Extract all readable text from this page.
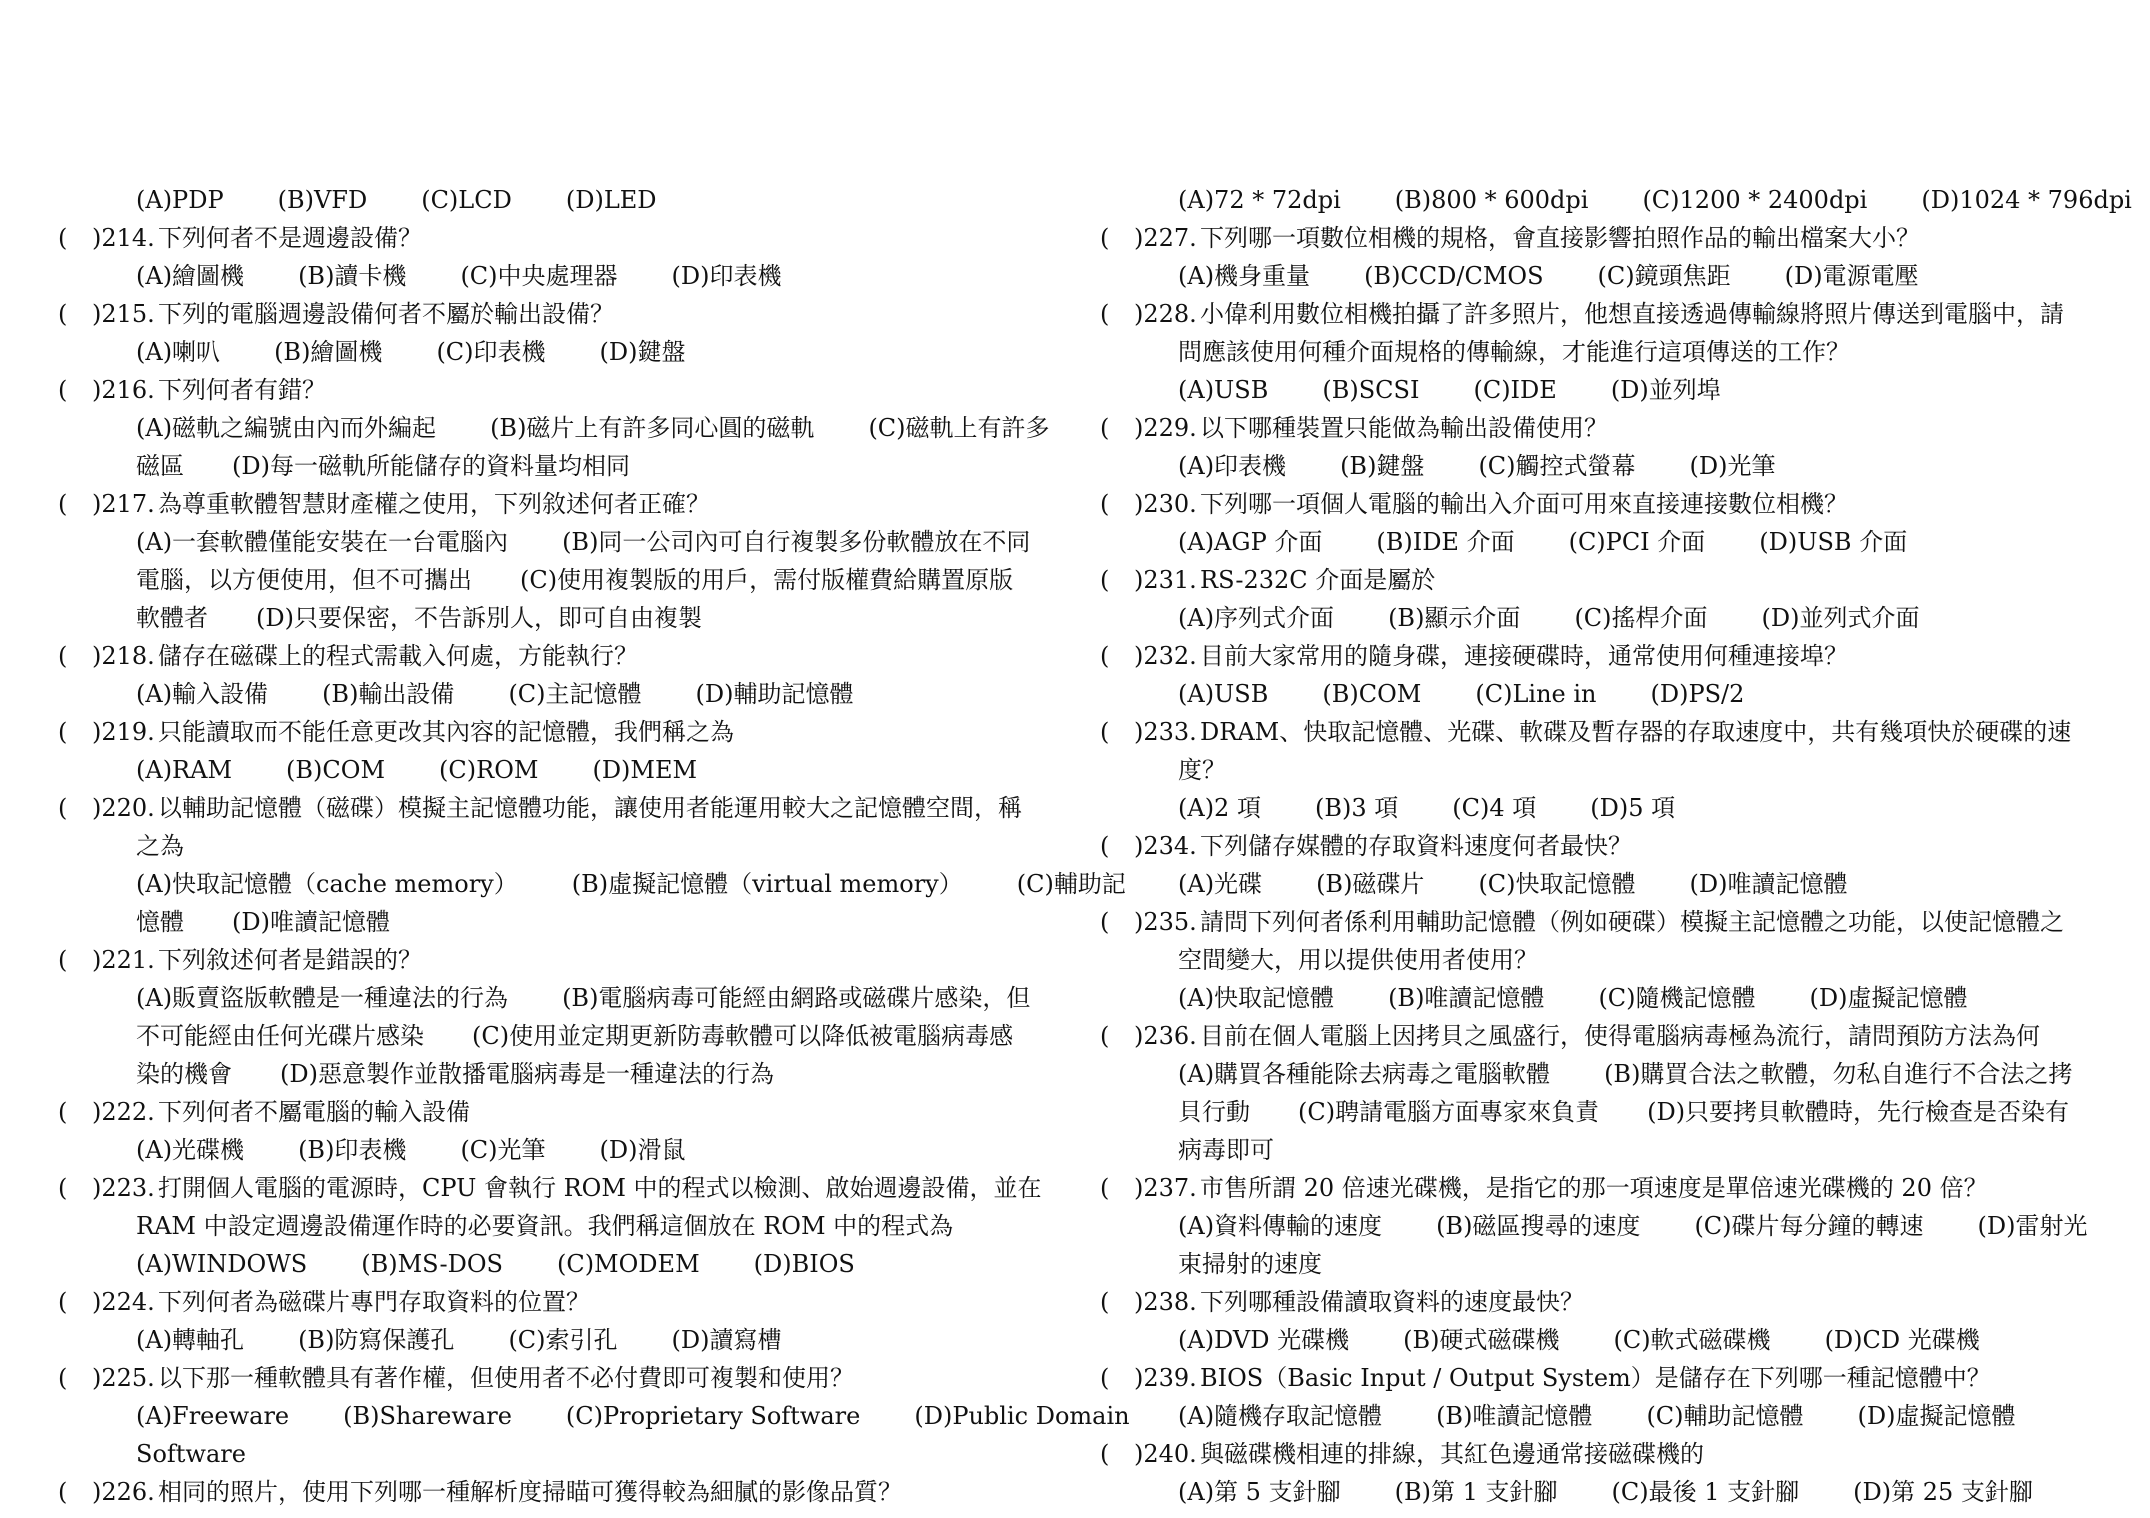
(A)PDP (B)VFD (C)LCD (D)LED
(	)214. 下列何者不是週邊設備？
(A)繪圖機 (B)讀卡機 (C)中央處理器 (D)印表機
(	)215. 下列的電腦週邊設備何者不屬於輸出設備？
(A)喇叭 (B)繪圖機 (C)印表機 (D)鍵盤
(	)216. 下列何者有錯？
(A)磁軌之編號由內而外編起 (B)磁片上有許多同心圓的磁軌 (C)磁軌上有許多
磁區　　(D)每一磁軌所能儲存的資料量均相同
(	)217. 為尊重軟體智慧財產權之使用，下列敘述何者正確？
(A)一套軟體僅能安裝在一台電腦內 (B)同一公司內可自行複製多份軟體放在不同
電腦，以方便使用，但不可攜出　　(C)使用複製版的用戶，需付版權費給購置原版
軟體者　　(D)只要保密，不告訴別人，即可自由複製
(	)218. 儲存在磁碟上的程式需載入何處，方能執行？
(A)輸入設備 (B)輸出設備 (C)主記憶體 (D)輔助記憶體
(	)219. 只能讀取而不能任意更改其內容的記憶體，我們稱之為
(A)RAM (B)COM (C)ROM (D)MEM
(	)220. 以輔助記憶體（磁碟）模擬主記憶體功能，讓使用者能運用較大之記憶體空間，稱
之為
(A)快取記憶體（cache memory） (B)虛擬記憶體（virtual memory） (C)輔助記
憶體　　(D)唯讀記憶體
(	)221. 下列敘述何者是錯誤的？
(A)販賣盜版軟體是一種違法的行為 (B)電腦病毒可能經由網路或磁碟片感染，但
不可能經由任何光碟片感染　　(C)使用並定期更新防毒軟體可以降低被電腦病毒感
染的機會　　(D)惡意製作並散播電腦病毒是一種違法的行為
(	)222. 下列何者不屬電腦的輸入設備
(A)光碟機 (B)印表機 (C)光筆 (D)滑鼠
(	)223. 打開個人電腦的電源時，CPU 會執行 ROM 中的程式以檢測、啟始週邊設備，並在
RAM 中設定週邊設備運作時的必要資訊。我們稱這個放在 ROM 中的程式為
(A)WINDOWS (B)MS-DOS (C)MODEM (D)BIOS
(	)224. 下列何者為磁碟片專門存取資料的位置？
(A)轉軸孔 (B)防寫保護孔 (C)索引孔 (D)讀寫槽
(	)225. 以下那一種軟體具有著作權，但使用者不必付費即可複製和使用？
(A)Freeware (B)Shareware (C)Proprietary Software (D)Public Domain
Software
(	)226. 相同的照片，使用下列哪一種解析度掃瞄可獲得較為細膩的影像品質？
(A)72 * 72dpi (B)800 * 600dpi (C)1200 * 2400dpi (D)1024 * 796dpi
(	)227. 下列哪一項數位相機的規格，會直接影響拍照作品的輸出檔案大小？
(A)機身重量 (B)CCD/CMOS (C)鏡頭焦距 (D)電源電壓
(	)228. 小偉利用數位相機拍攝了許多照片，他想直接透過傳輸線將照片傳送到電腦中，請
問應該使用何種介面規格的傳輸線，才能進行這項傳送的工作？
(A)USB (B)SCSI (C)IDE (D)並列埠
(	)229. 以下哪種裝置只能做為輸出設備使用？
(A)印表機 (B)鍵盤 (C)觸控式螢幕 (D)光筆
(	)230. 下列哪一項個人電腦的輸出入介面可用來直接連接數位相機？
(A)AGP 介面 (B)IDE 介面 (C)PCI 介面 (D)USB 介面
(	)231. RS-232C 介面是屬於
(A)序列式介面 (B)顯示介面 (C)搖桿介面 (D)並列式介面
(	)232. 目前大家常用的隨身碟，連接硬碟時，通常使用何種連接埠？
(A)USB (B)COM (C)Line in (D)PS/2
(	)233. DRAM、快取記憶體、光碟、軟碟及暫存器的存取速度中，共有幾項快於硬碟的速
度？
(A)2 項 (B)3 項 (C)4 項 (D)5 項
(	)234. 下列儲存媒體的存取資料速度何者最快？
(A)光碟 (B)磁碟片 (C)快取記憶體 (D)唯讀記憶體
(	)235. 請問下列何者係利用輔助記憶體（例如硬碟）模擬主記憶體之功能，以使記憶體之
空間變大，用以提供使用者使用？
(A)快取記憶體 (B)唯讀記憶體 (C)隨機記憶體 (D)虛擬記憶體
(	)236. 目前在個人電腦上因拷貝之風盛行，使得電腦病毒極為流行，請問預防方法為何
(A)購買各種能除去病毒之電腦軟體 (B)購買合法之軟體，勿私自進行不合法之拷
貝行動　　(C)聘請電腦方面專家來負責　　(D)只要拷貝軟體時，先行檢查是否染有
病毒即可
(	)237. 市售所謂 20 倍速光碟機，是指它的那一項速度是單倍速光碟機的 20 倍？
(A)資料傳輸的速度 (B)磁區搜尋的速度 (C)碟片每分鐘的轉速 (D)雷射光
束掃射的速度
(	)238. 下列哪種設備讀取資料的速度最快？
(A)DVD 光碟機 (B)硬式磁碟機 (C)軟式磁碟機 (D)CD 光碟機
(	)239. BIOS（Basic Input / Output System）是儲存在下列哪一種記憶體中？
(A)隨機存取記憶體 (B)唯讀記憶體 (C)輔助記憶體 (D)虛擬記憶體
(	)240. 與磁碟機相連的排線，其紅色邊通常接磁碟機的
(A)第 5 支針腳 (B)第 1 支針腳 (C)最後 1 支針腳 (D)第 25 支針腳
